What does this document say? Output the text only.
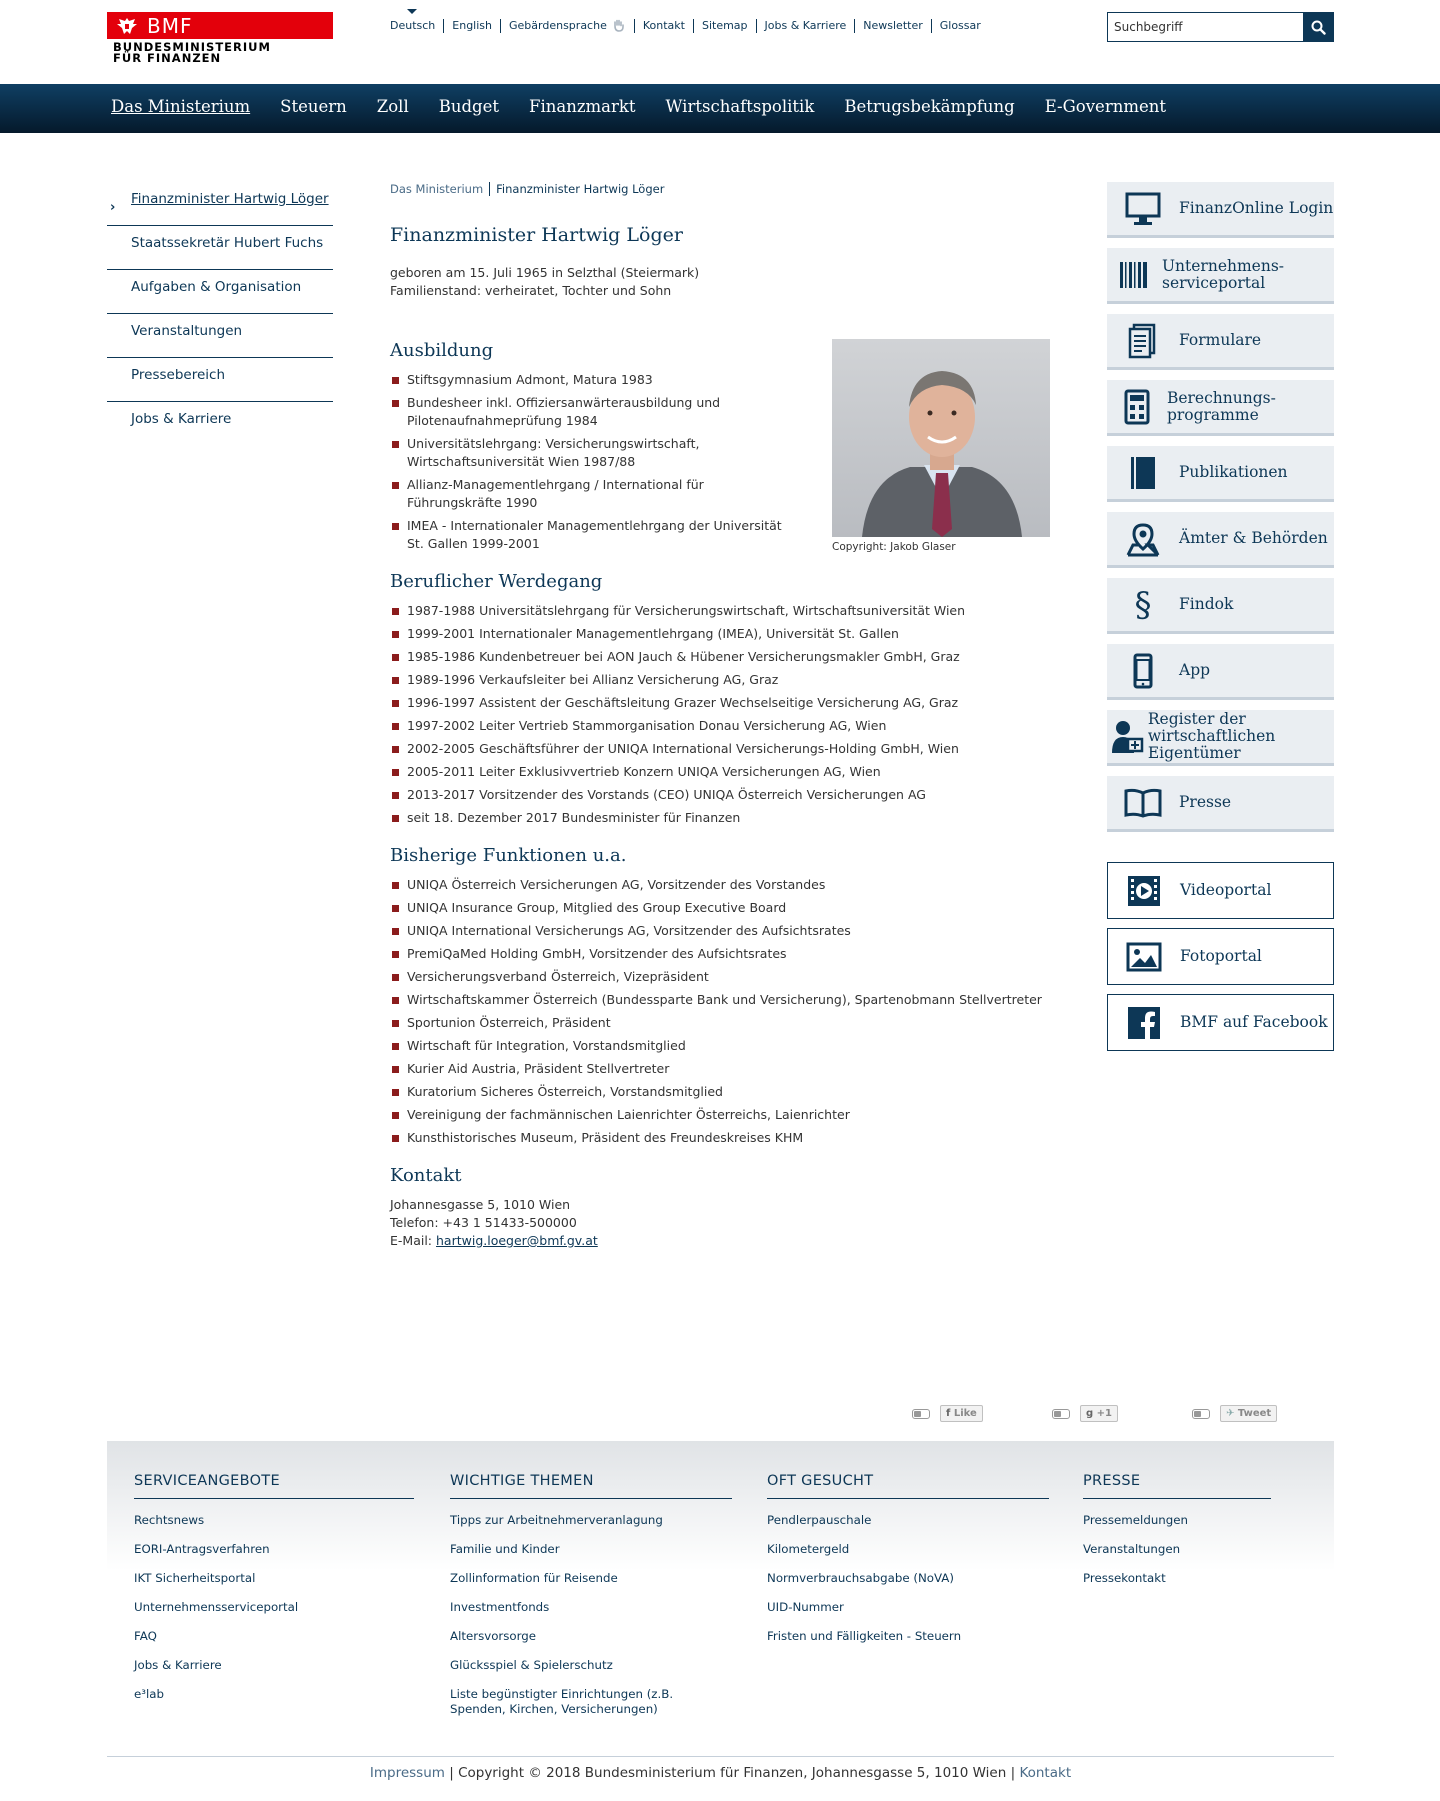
BMF
BUNDESMINISTERIUM
FÜR FINANZEN
Deutsch	English	Gebärdensprache	Kontakt	Sitemap	Jobs & Karriere	Newsletter	Glossar
Suchbegriff
Das Ministerium Steuern Zoll Budget Finanzmarkt Wirtschaftspolitik Betrugsbekämpfung E-Government
›
Finanzminister Hartwig Löger
Staatssekretär Hubert Fuchs
Aufgaben & Organisation
Veranstaltungen
Pressebereich
Jobs & Karriere
Das Ministerium	Finanzminister Hartwig Löger
Finanzminister Hartwig Löger
geboren am 15. Juli 1965 in Selzthal (Steiermark)
Familienstand: verheiratet, Tochter und Sohn
Copyright: Jakob Glaser
Ausbildung
Stiftsgymnasium Admont, Matura 1983
Bundesheer inkl. Offiziersanwärterausbildung und Pilotenaufnahmeprüfung 1984
Universitätslehrgang: Versicherungswirtschaft, Wirtschaftsuniversität Wien 1987/88
Allianz-Managementlehrgang / International für Führungskräfte 1990
IMEA - Internationaler Managementlehrgang der Universität St. Gallen 1999-2001
Beruflicher Werdegang
1987-1988 Universitätslehrgang für Versicherungswirtschaft, Wirtschaftsuniversität Wien
1999-2001 Internationaler Managementlehrgang (IMEA), Universität St. Gallen
1985-1986 Kundenbetreuer bei AON Jauch & Hübener Versicherungsmakler GmbH, Graz
1989-1996 Verkaufsleiter bei Allianz Versicherung AG, Graz
1996-1997 Assistent der Geschäftsleitung Grazer Wechselseitige Versicherung AG, Graz
1997-2002 Leiter Vertrieb Stammorganisation Donau Versicherung AG, Wien
2002-2005 Geschäftsführer der UNIQA International Versicherungs-Holding GmbH, Wien
2005-2011 Leiter Exklusivvertrieb Konzern UNIQA Versicherungen AG, Wien
2013-2017 Vorsitzender des Vorstands (CEO) UNIQA Österreich Versicherungen AG
seit 18. Dezember 2017 Bundesminister für Finanzen
Bisherige Funktionen u.a.
UNIQA Österreich Versicherungen AG, Vorsitzender des Vorstandes
UNIQA Insurance Group, Mitglied des Group Executive Board
UNIQA International Versicherungs AG, Vorsitzender des Aufsichtsrates
PremiQaMed Holding GmbH, Vorsitzender des Aufsichtsrates
Versicherungsverband Österreich, Vizepräsident
Wirtschaftskammer Österreich (Bundessparte Bank und Versicherung), Spartenobmann Stellvertreter
Sportunion Österreich, Präsident
Wirtschaft für Integration, Vorstandsmitglied
Kurier Aid Austria, Präsident Stellvertreter
Kuratorium Sicheres Österreich, Vorstandsmitglied
Vereinigung der fachmännischen Laienrichter Österreichs, Laienrichter
Kunsthistorisches Museum, Präsident des Freundeskreises KHM
Kontakt
Johannesgasse 5, 1010 Wien
Telefon: +43 1 51433-500000
E-Mail: hartwig.loeger@bmf.gv.at
FinanzOnline Login
Unternehmens-serviceportal
Formulare
Berechnungs-programme
Publikationen
Ämter & Behörden
§ Findok
App
Register der wirtschaftlichen Eigentümer
Presse
Videoportal
Fotoportal
BMF auf Facebook
f Like	g +1	✈ Tweet
SERVICEANGEBOTE
Rechtsnews
EORI-Antragsverfahren
IKT Sicherheitsportal
Unternehmensserviceportal
FAQ
Jobs & Karriere
e³lab
WICHTIGE THEMEN
Tipps zur Arbeitnehmerveranlagung
Familie und Kinder
Zollinformation für Reisende
Investmentfonds
Altersvorsorge
Glücksspiel & Spielerschutz
Liste begünstigter Einrichtungen (z.B. Spenden, Kirchen, Versicherungen)
OFT GESUCHT
Pendlerpauschale
Kilometergeld
Normverbrauchsabgabe (NoVA)
UID-Nummer
Fristen und Fälligkeiten - Steuern
PRESSE
Pressemeldungen
Veranstaltungen
Pressekontakt
Impressum | Copyright © 2018 Bundesministerium für Finanzen, Johannesgasse 5, 1010 Wien | Kontakt
